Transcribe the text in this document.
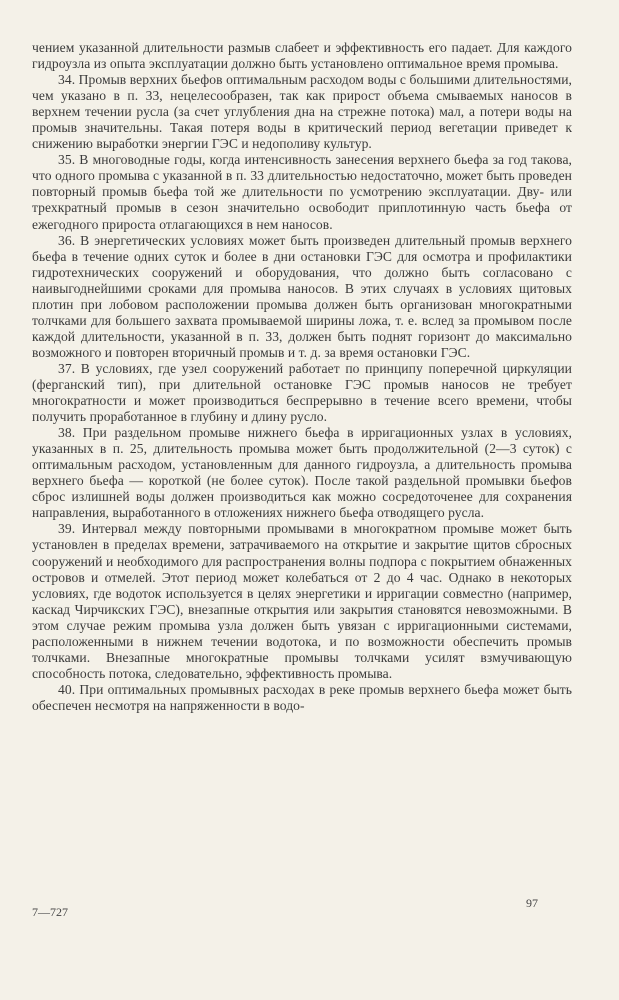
чением указанной длительности размыв слабеет и эффективность его падает. Для каждого гидроузла из опыта эксплуатации должно быть установлено оптимальное время промыва.

34. Промыв верхних бьефов оптимальным расходом воды с большими длительностями, чем указано в п. 33, нецелесообразен, так как прирост объема смываемых наносов в верхнем течении русла (за счет углубления дна на стрежне потока) мал, а потери воды на промыв значительны. Такая потеря воды в критический период вегетации приведет к снижению выработки энергии ГЭС и недополиву культур.

35. В многоводные годы, когда интенсивность занесения верхнего бьефа за год такова, что одного промыва с указанной в п. 33 длительностью недостаточно, может быть проведен повторный промыв бьефа той же длительности по усмотрению эксплуатации. Дву- или трехкратный промыв в сезон значительно освободит приплотинную часть бьефа от ежегодного прироста отлагающихся в нем наносов.

36. В энергетических условиях может быть произведен длительный промыв верхнего бьефа в течение одних суток и более в дни остановки ГЭС для осмотра и профилактики гидротехнических сооружений и оборудования, что должно быть согласовано с наивыгоднейшими сроками для промыва наносов. В этих случаях в условиях щитовых плотин при лобовом расположении промыва должен быть организован многократными толчками для большего захвата промываемой ширины ложа, т. е. вслед за промывом после каждой длительности, указанной в п. 33, должен быть поднят горизонт до максимально возможного и повторен вторичный промыв и т. д. за время остановки ГЭС.

37. В условиях, где узел сооружений работает по принципу поперечной циркуляции (ферганский тип), при длительной остановке ГЭС промыв наносов не требует многократности и может производиться беспрерывно в течение всего времени, чтобы получить проработанное в глубину и длину русло.

38. При раздельном промыве нижнего бьефа в ирригационных узлах в условиях, указанных в п. 25, длительность промыва может быть продолжительной (2—3 суток) с оптимальным расходом, установленным для данного гидроузла, а длительность промыва верхнего бьефа — короткой (не более суток). После такой раздельной промывки бьефов сброс излишней воды должен производиться как можно сосредоточенее для сохранения направления, выработанного в отложениях нижнего бьефа отводящего русла.

39. Интервал между повторными промывами в многократном промыве может быть установлен в пределах времени, затрачиваемого на открытие и закрытие щитов сбросных сооружений и необходимого для распространения волны подпора с покрытием обнаженных островов и отмелей. Этот период может колебаться от 2 до 4 час. Однако в некоторых условиях, где водоток используется в целях энергетики и ирригации совместно (например, каскад Чирчикских ГЭС), внезапные открытия или закрытия становятся невозможными. В этом случае режим промыва узла должен быть увязан с ирригационными системами, расположенными в нижнем течении водотока, и по возможности обеспечить промыв толчками. Внезапные многократные промывы толчками усилят взмучивающую способность потока, следовательно, эффективность промыва.

40. При оптимальных промывных расходах в реке промыв верхнего бьефа может быть обеспечен несмотря на напряженности в водо-

7—727
97
